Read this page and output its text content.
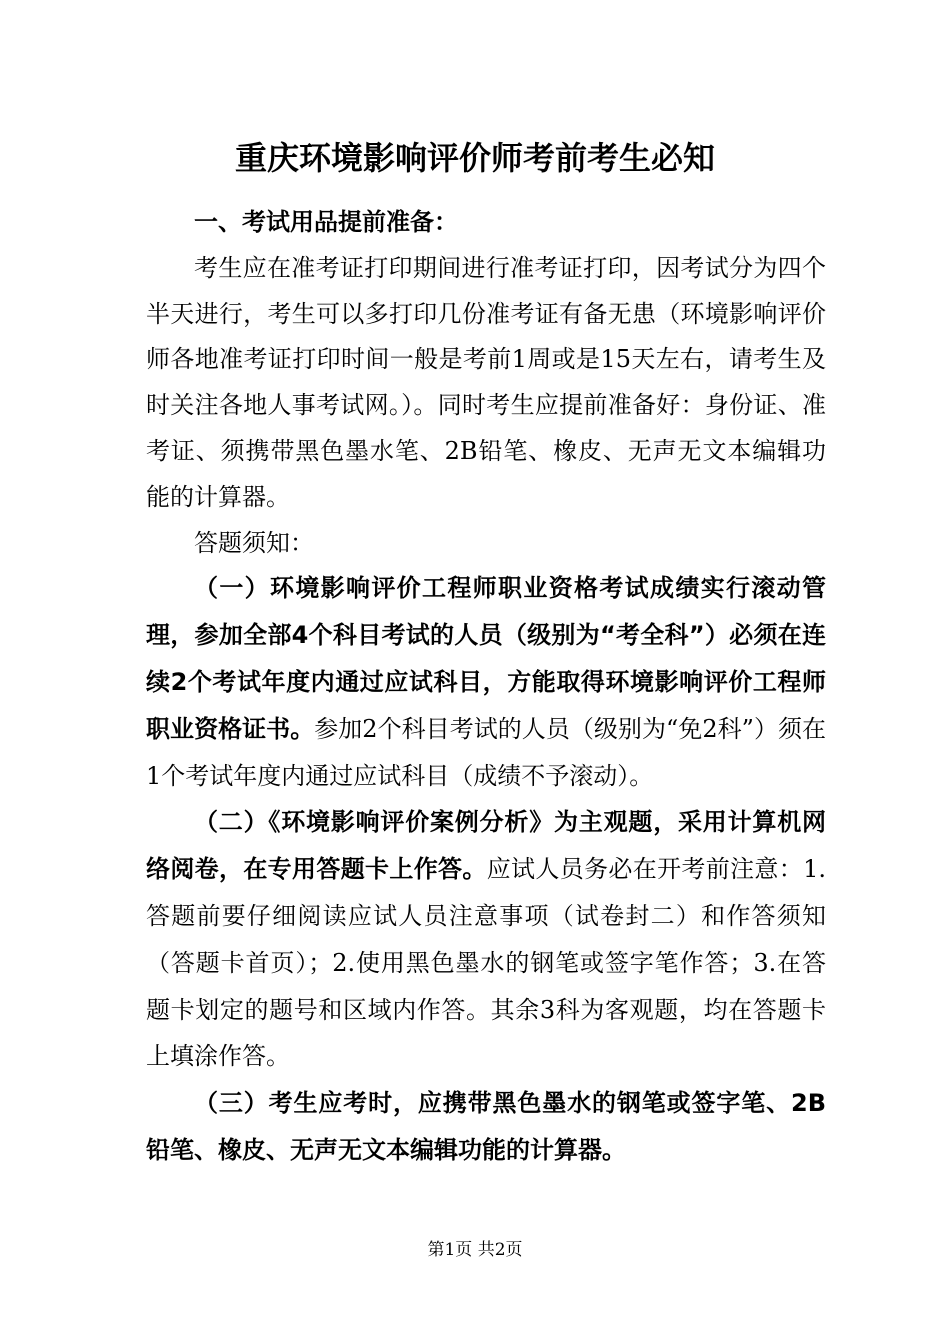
重庆环境影响评价师考前考生必知

一、考试用品提前准备：

考生应在准考证打印期间进行准考证打印，因考试分为四个半天进行，考生可以多打印几份准考证有备无患（环境影响评价师各地准考证打印时间一般是考前1周或是15天左右，请考生及时关注各地人事考试网。）。同时考生应提前准备好：身份证、准考证、须携带黑色墨水笔、2B铅笔、橡皮、无声无文本编辑功能的计算器。

答题须知：

（一）环境影响评价工程师职业资格考试成绩实行滚动管理，参加全部4个科目考试的人员（级别为“考全科”）必须在连续2个考试年度内通过应试科目，方能取得环境影响评价工程师职业资格证书。参加2个科目考试的人员（级别为“免2科”）须在1个考试年度内通过应试科目（成绩不予滚动）。

（二）《环境影响评价案例分析》为主观题，采用计算机网络阅卷，在专用答题卡上作答。应试人员务必在开考前注意：1.答题前要仔细阅读应试人员注意事项（试卷封二）和作答须知（答题卡首页）；2.使用黑色墨水的钢笔或签字笔作答；3.在答题卡划定的题号和区域内作答。其余3科为客观题，均在答题卡上填涂作答。

（三）考生应考时，应携带黑色墨水的钢笔或签字笔、2B铅笔、橡皮、无声无文本编辑功能的计算器。

第1页 共2页
